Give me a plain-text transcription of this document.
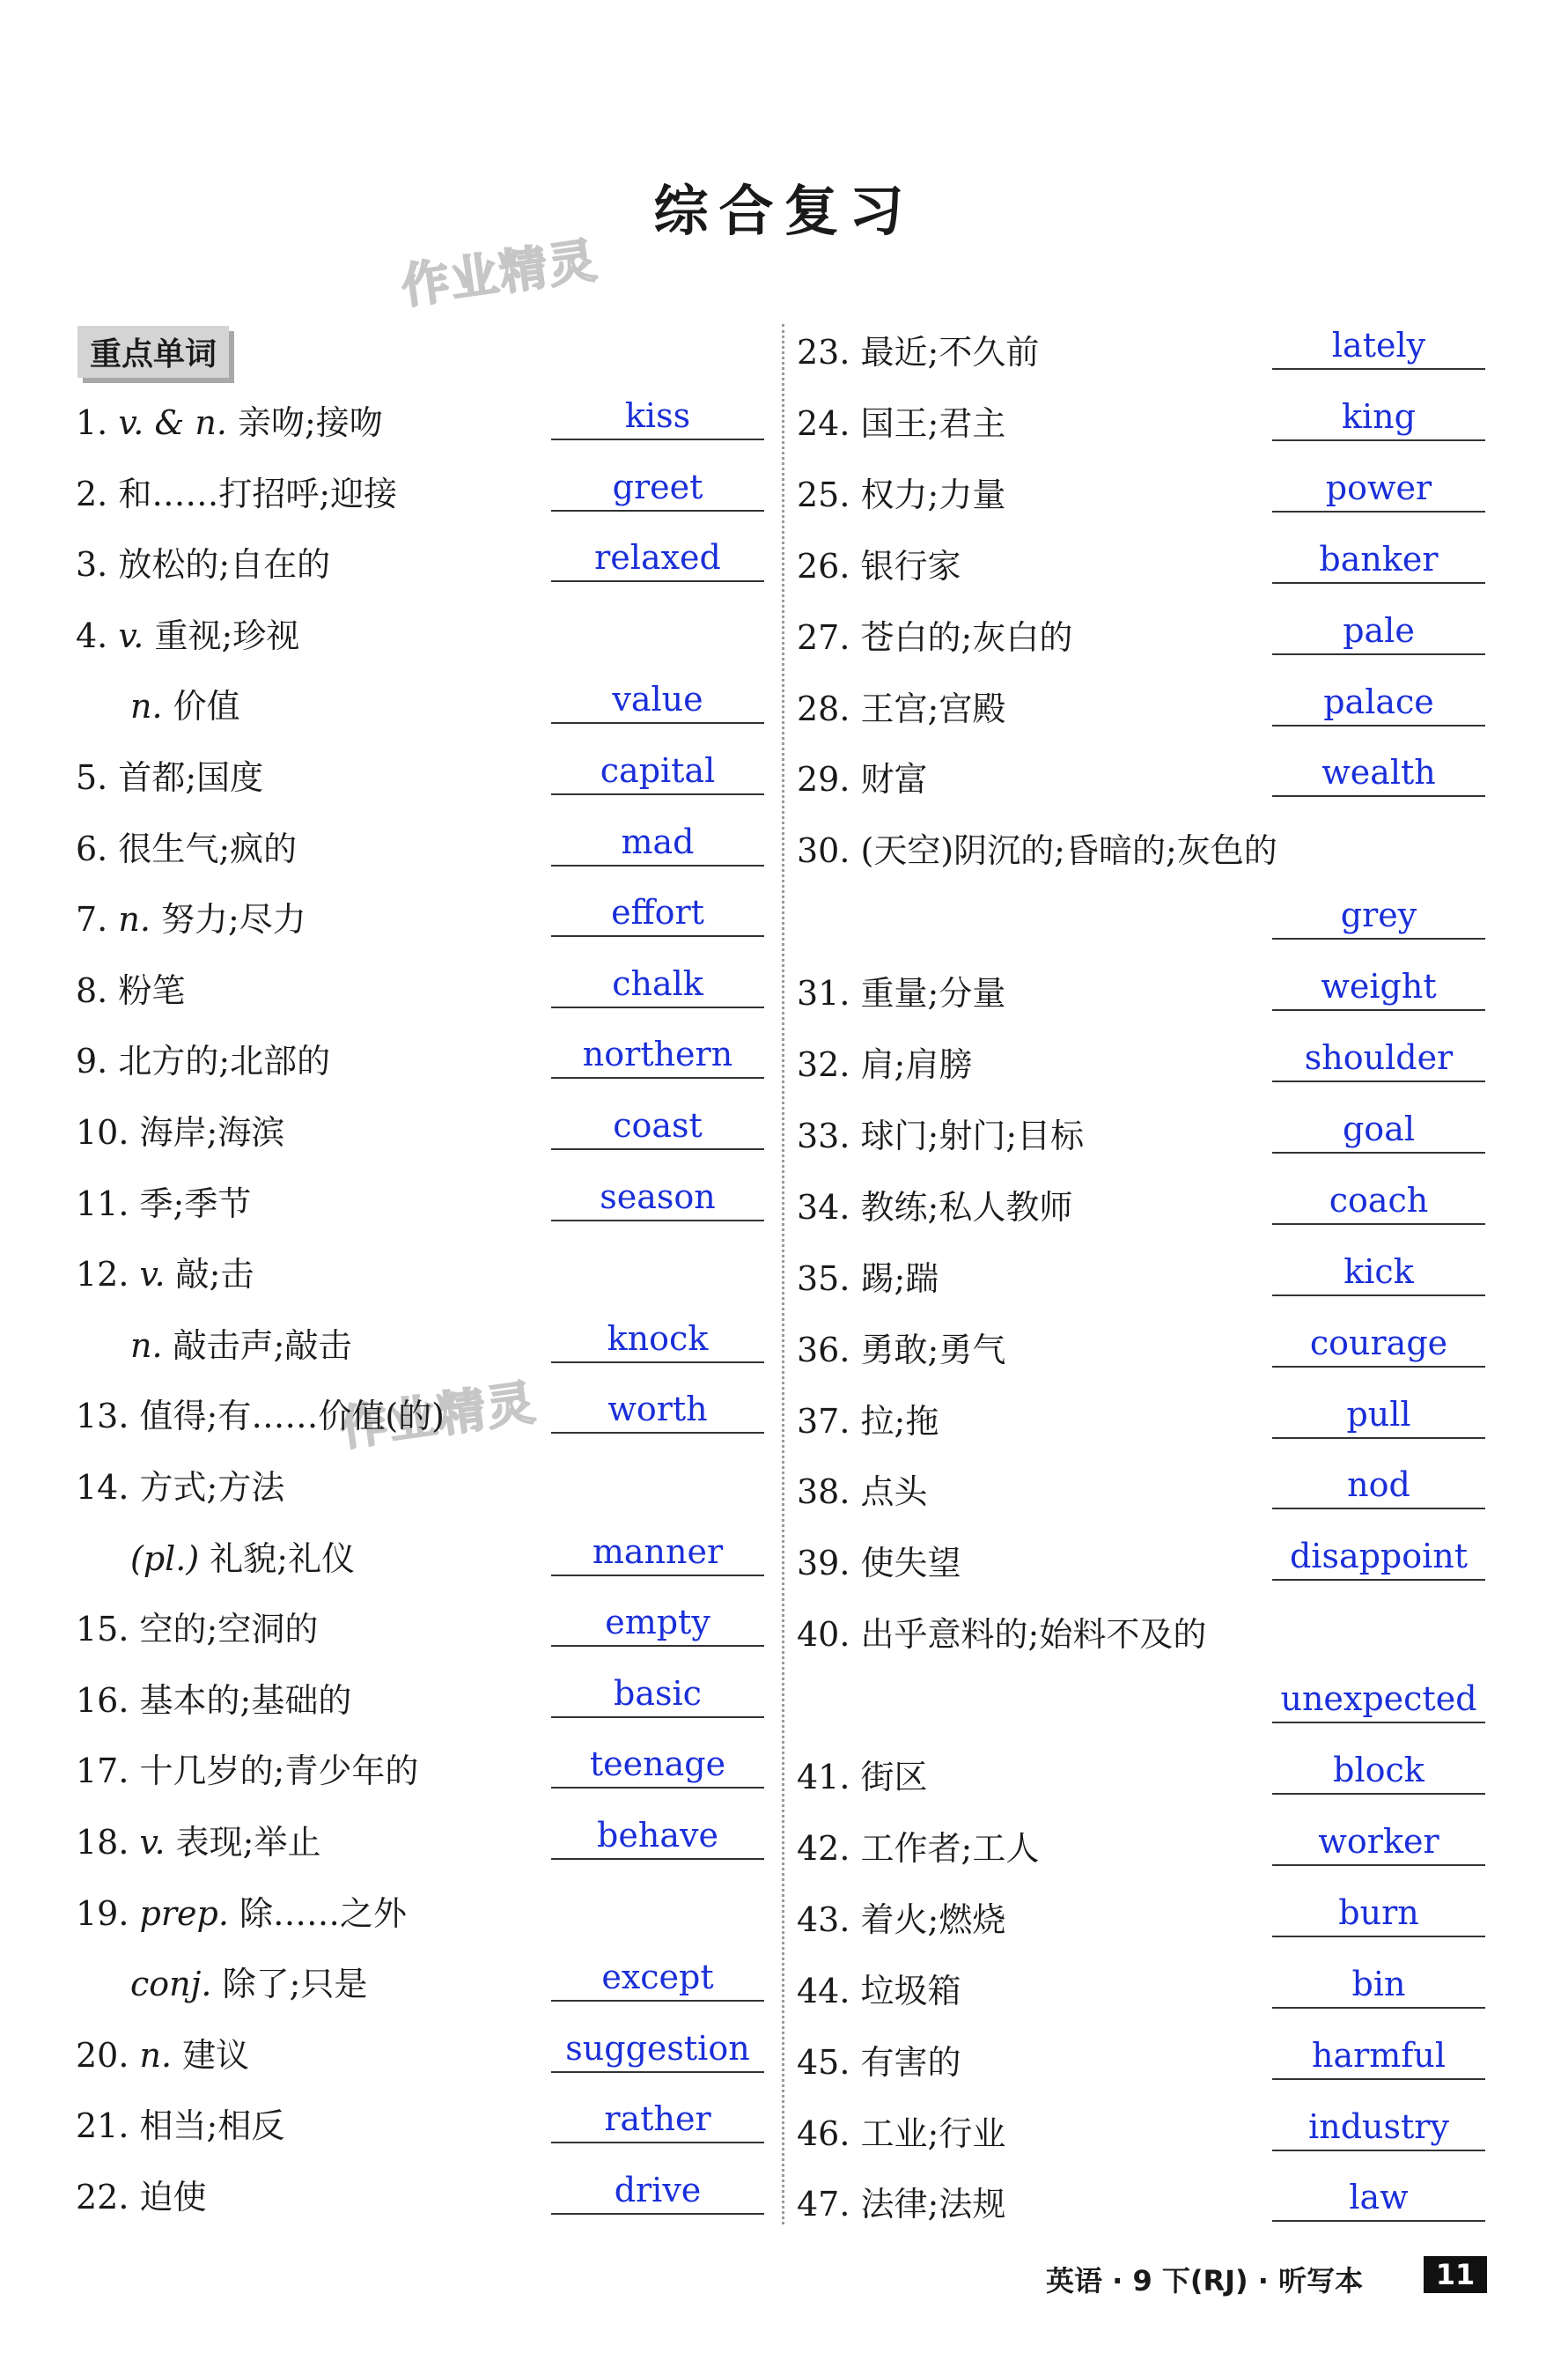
综合复习
作业精灵
作业精灵
重点单词
1. v. & n. 亲吻;接吻	kiss
2. 和……打招呼;迎接	greet
3. 放松的;自在的	relaxed
4. v. 重视;珍视
n. 价值	value
5. 首都;国度	capital
6. 很生气;疯的	mad
7. n. 努力;尽力	effort
8. 粉笔	chalk
9. 北方的;北部的	northern
10. 海岸;海滨	coast
11. 季;季节	season
12. v. 敲;击
n. 敲击声;敲击	knock
13. 值得;有……价值(的)	worth
14. 方式;方法
(pl.) 礼貌;礼仪	manner
15. 空的;空洞的	empty
16. 基本的;基础的	basic
17. 十几岁的;青少年的	teenage
18. v. 表现;举止	behave
19. prep. 除……之外
conj. 除了;只是	except
20. n. 建议	suggestion
21. 相当;相反	rather
22. 迫使	drive
23. 最近;不久前	lately
24. 国王;君主	king
25. 权力;力量	power
26. 银行家	banker
27. 苍白的;灰白的	pale
28. 王宫;宫殿	palace
29. 财富	wealth
30. (天空)阴沉的;昏暗的;灰色的
grey
31. 重量;分量	weight
32. 肩;肩膀	shoulder
33. 球门;射门;目标	goal
34. 教练;私人教师	coach
35. 踢;踹	kick
36. 勇敢;勇气	courage
37. 拉;拖	pull
38. 点头	nod
39. 使失望	disappoint
40. 出乎意料的;始料不及的
unexpected
41. 街区	block
42. 工作者;工人	worker
43. 着火;燃烧	burn
44. 垃圾箱	bin
45. 有害的	harmful
46. 工业;行业	industry
47. 法律;法规	law
英语 · 9 下(RJ) · 听写本	11
